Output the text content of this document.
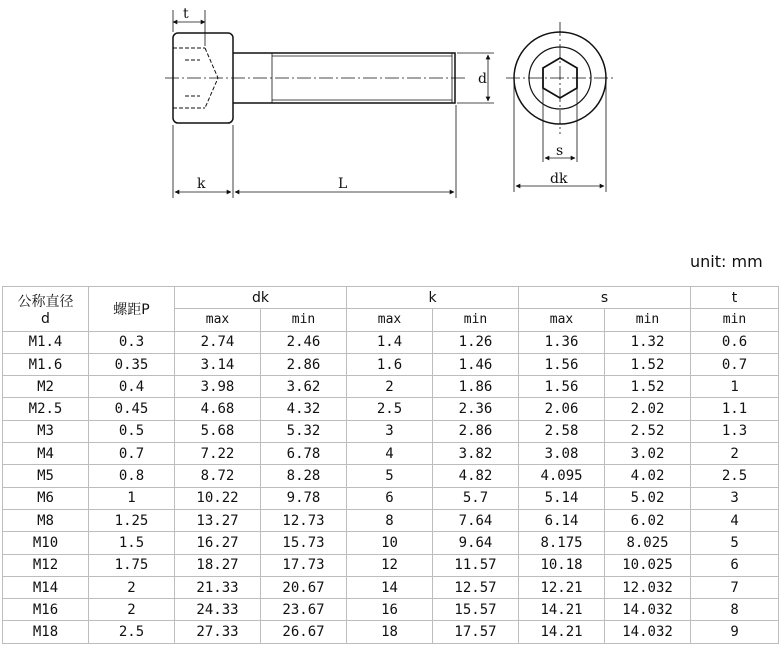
t
k	L
d
s
dk
unit: mm
公称直径
d	螺距P	dk		k		s		t
		max	min	max	min	max	min	min
M1.4	0.3	2.74	2.46	1.4	1.26	1.36	1.32	0.6
M1.6	0.35	3.14	2.86	1.6	1.46	1.56	1.52	0.7
M2	0.4	3.98	3.62	2	1.86	1.56	1.52	1
M2.5	0.45	4.68	4.32	2.5	2.36	2.06	2.02	1.1
M3	0.5	5.68	5.32	3	2.86	2.58	2.52	1.3
M4	0.7	7.22	6.78	4	3.82	3.08	3.02	2
M5	0.8	8.72	8.28	5	4.82	4.095	4.02	2.5
M6	1	10.22	9.78	6	5.7	5.14	5.02	3
M8	1.25	13.27	12.73	8	7.64	6.14	6.02	4
M10	1.5	16.27	15.73	10	9.64	8.175	8.025	5
M12	1.75	18.27	17.73	12	11.57	10.18	10.025	6
M14	2	21.33	20.67	14	12.57	12.21	12.032	7
M16	2	24.33	23.67	16	15.57	14.21	14.032	8
M18	2.5	27.33	26.67	18	17.57	14.21	14.032	9
